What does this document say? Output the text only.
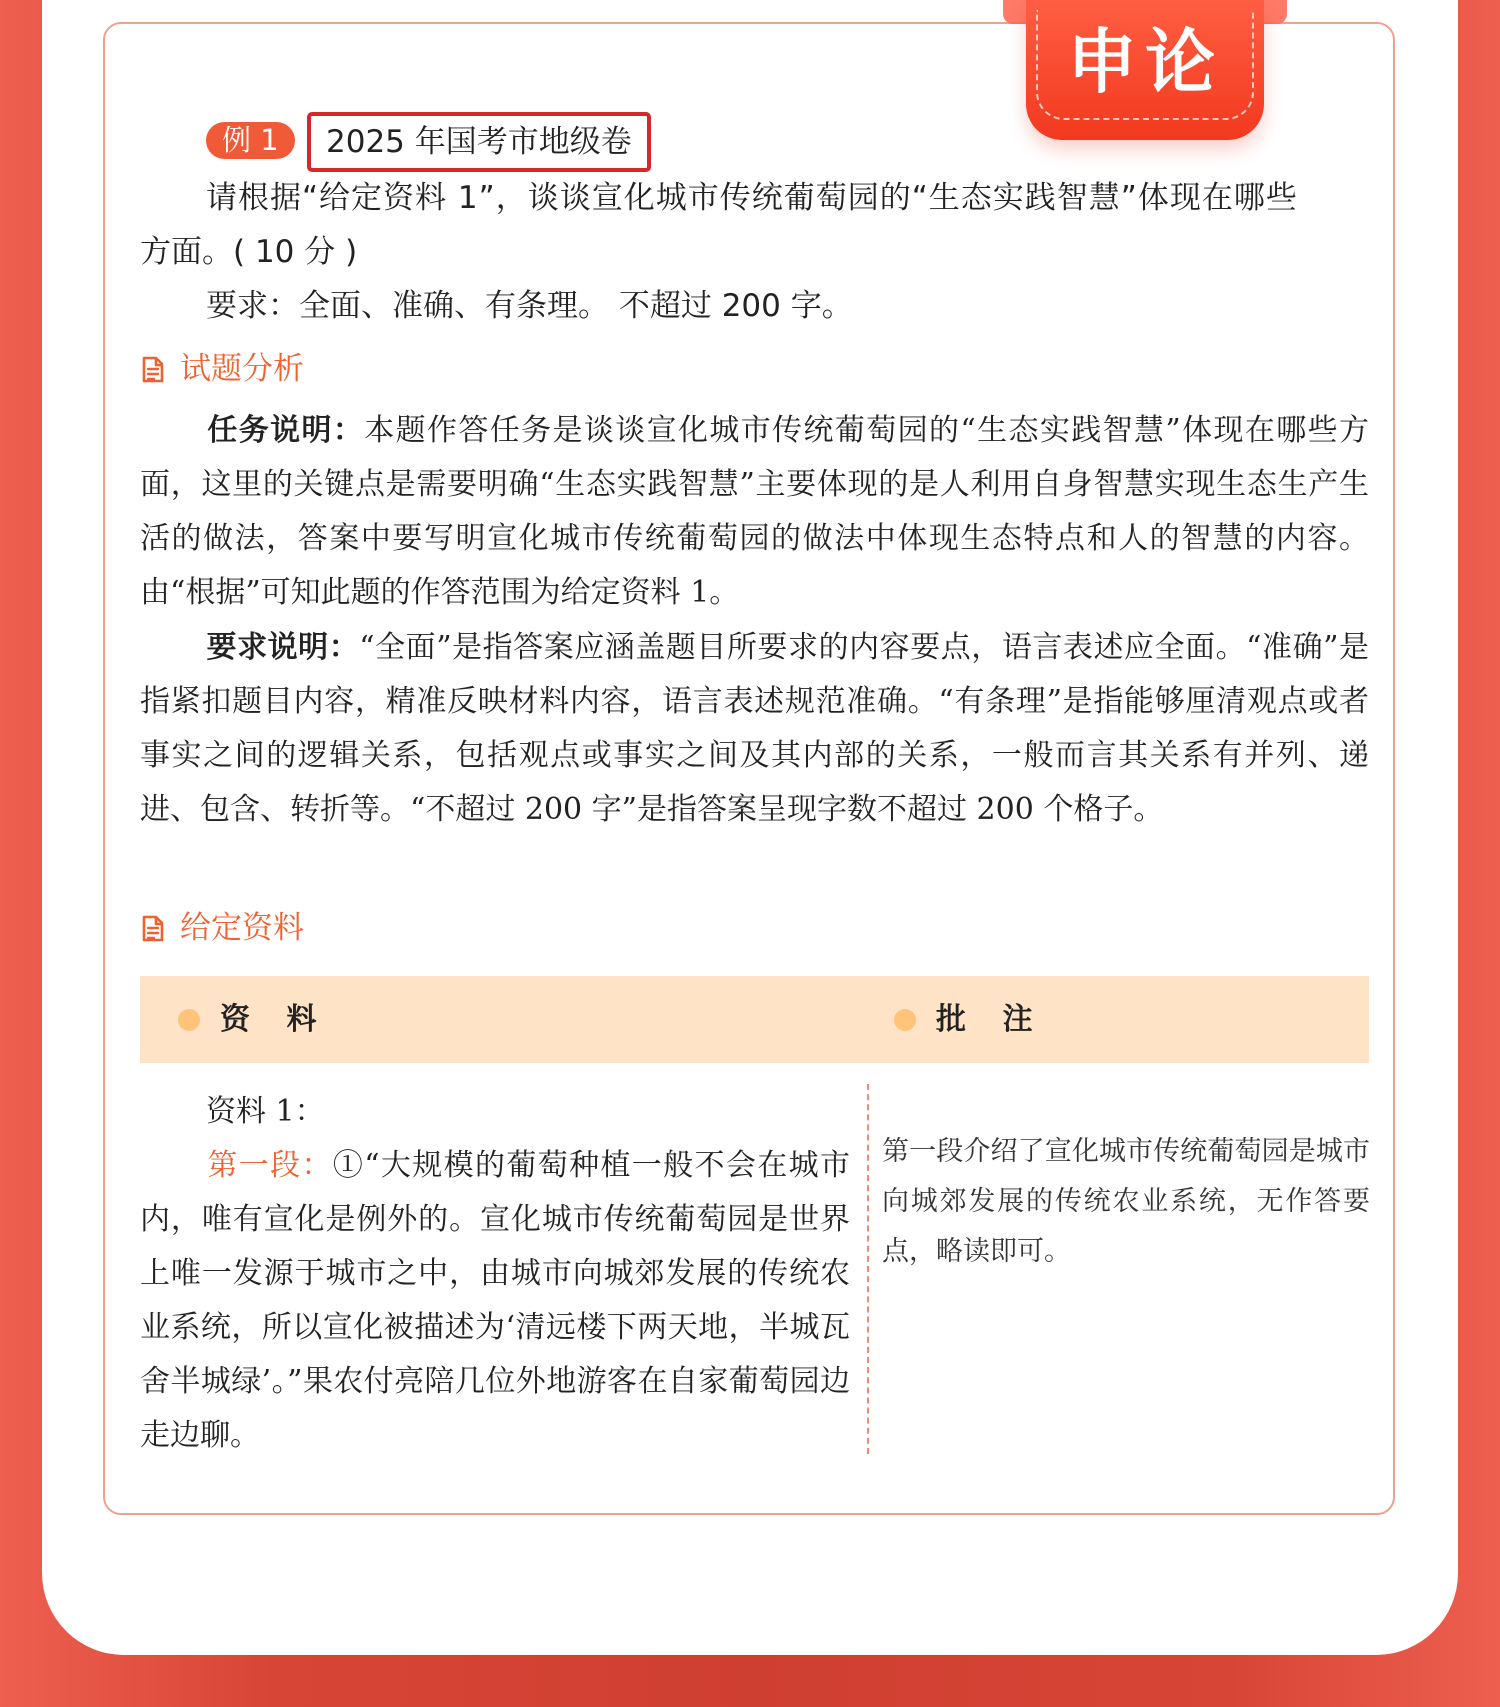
申论
例 1	2025 年国考市地级卷
请根据“给定资料 1”，谈谈宣化城市传统葡萄园的“生态实践智慧”体现在哪些
方面。( 10 分 )
要求：全面、准确、有条理。 不超过 200 字。
试题分析
任务说明：本题作答任务是谈谈宣化城市传统葡萄园的“生态实践智慧”体现在哪些方面，这里的关键点是需要明确“生态实践智慧”主要体现的是人利用自身智慧实现生态生产生活的做法，答案中要写明宣化城市传统葡萄园的做法中体现生态特点和人的智慧的内容。由“根据”可知此题的作答范围为给定资料 1。
要求说明：“全面”是指答案应涵盖题目所要求的内容要点，语言表述应全面。“准确”是指紧扣题目内容，精准反映材料内容，语言表述规范准确。“有条理”是指能够厘清观点或者事实之间的逻辑关系，包括观点或事实之间及其内部的关系，一般而言其关系有并列、递进、包含、转折等。“不超过 200 字”是指答案呈现字数不超过 200 个格子。
给定资料
资 料	批 注
资料 1：
第一段：①“大规模的葡萄种植一般不会在城市内，唯有宣化是例外的。宣化城市传统葡萄园是世界上唯一发源于城市之中，由城市向城郊发展的传统农业系统，所以宣化被描述为‘清远楼下两天地，半城瓦舍半城绿’。”果农付亮陪几位外地游客在自家葡萄园边走边聊。
第一段介绍了宣化城市传统葡萄园是城市向城郊发展的传统农业系统，无作答要点，略读即可。
